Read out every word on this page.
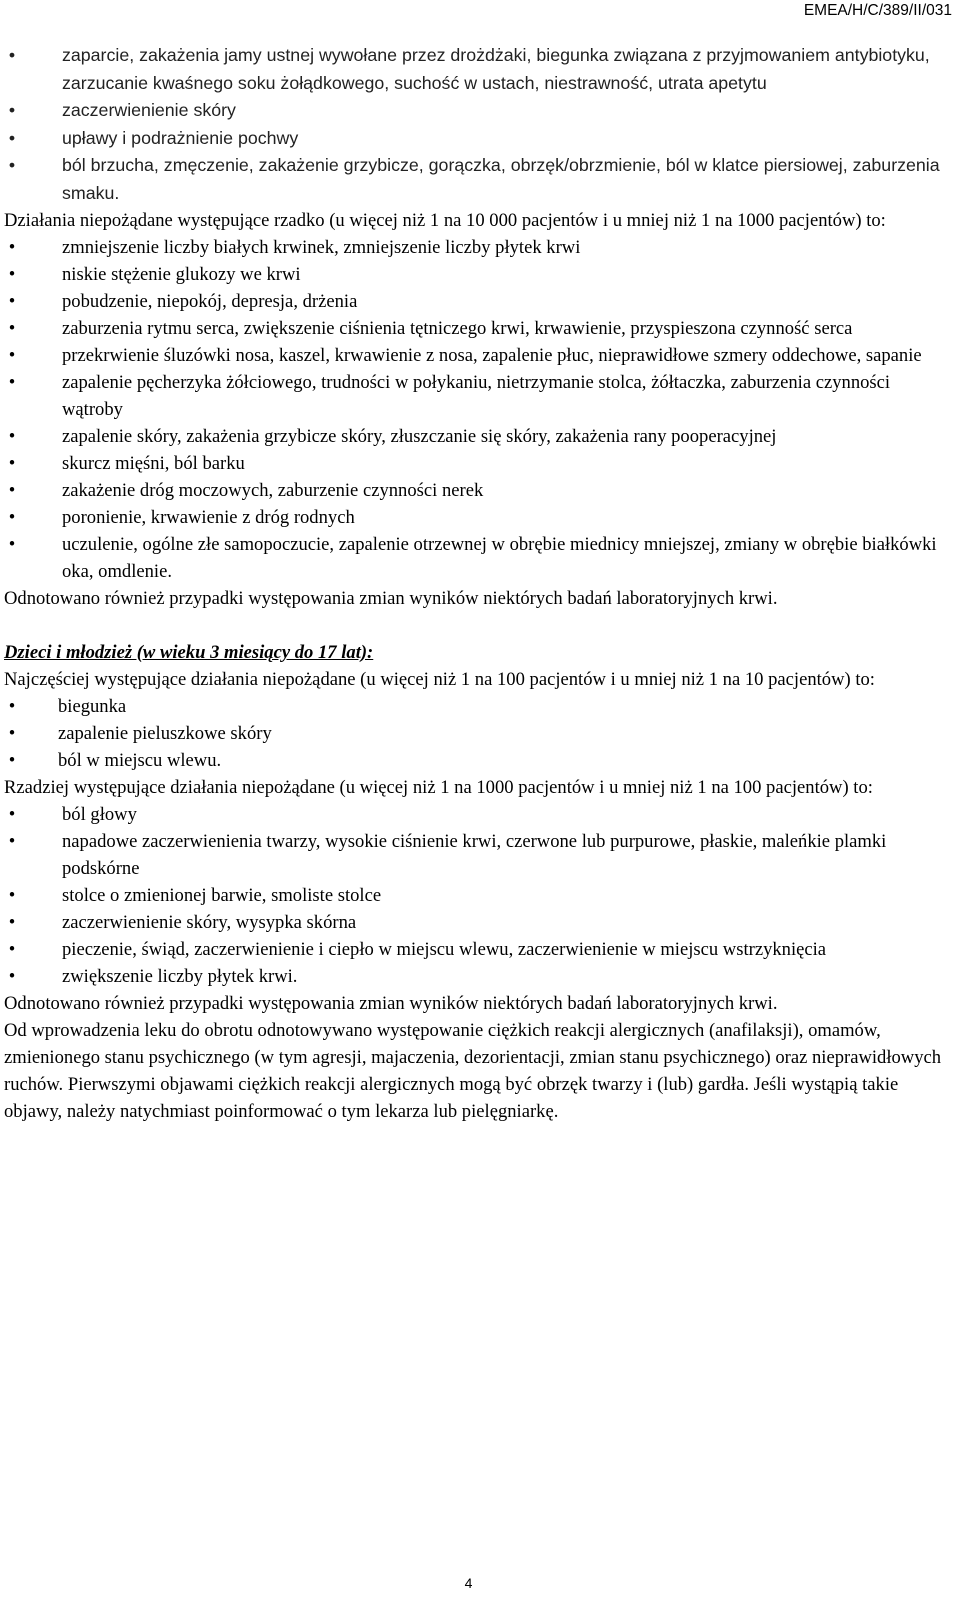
EMEA/H/C/389/II/031
•	zaparcie, zakażenia jamy ustnej wywołane przez drożdżaki, biegunka związana z przyjmowaniem antybiotyku, zarzucanie kwaśnego soku żołądkowego, suchość w ustach, niestrawność, utrata apetytu
•	zaczerwienienie skóry
•	upławy i podrażnienie pochwy
•	ból brzucha, zmęczenie, zakażenie grzybicze, gorączka, obrzęk/obrzmienie, ból w klatce piersiowej, zaburzenia smaku.

Działania niepożądane występujące rzadko (u więcej niż 1 na 10 000 pacjentów i u mniej niż 1 na 1000 pacjentów) to:

•	zmniejszenie liczby białych krwinek, zmniejszenie liczby płytek krwi
•	niskie stężenie glukozy we krwi
•	pobudzenie, niepokój, depresja, drżenia
•	zaburzenia rytmu serca, zwiększenie ciśnienia tętniczego krwi, krwawienie, przyspieszona czynność serca
•	przekrwienie śluzówki nosa, kaszel, krwawienie z nosa, zapalenie płuc, nieprawidłowe szmery oddechowe, sapanie
•	zapalenie pęcherzyka żółciowego, trudności w połykaniu, nietrzymanie stolca, żółtaczka, zaburzenia czynności wątroby
•	zapalenie skóry, zakażenia grzybicze skóry, złuszczanie się skóry, zakażenia rany pooperacyjnej
•	skurcz mięśni, ból barku
•	zakażenie dróg moczowych, zaburzenie czynności nerek
•	poronienie, krwawienie z dróg rodnych
•	uczulenie, ogólne złe samopoczucie, zapalenie otrzewnej w obrębie miednicy mniejszej, zmiany w obrębie białkówki oka, omdlenie.

Odnotowano również przypadki występowania zmian wyników niektórych badań laboratoryjnych krwi.

Dzieci i młodzież (w wieku 3 miesiący do 17 lat):

Najczęściej występujące działania niepożądane (u więcej niż 1 na 100 pacjentów i u mniej niż 1 na 10 pacjentów) to:

• biegunka
• zapalenie pieluszkowe skóry
• ból w miejscu wlewu.

Rzadziej występujące działania niepożądane (u więcej niż 1 na 1000 pacjentów i u mniej niż 1 na 100 pacjentów) to:

•	ból głowy
•	napadowe zaczerwienienia twarzy, wysokie ciśnienie krwi, czerwone lub purpurowe, płaskie, maleńkie plamki podskórne
•	stolce o zmienionej barwie, smoliste stolce
•	zaczerwienienie skóry, wysypka skórna
•	pieczenie, świąd, zaczerwienienie i ciepło w miejscu wlewu, zaczerwienienie w miejscu wstrzyknięcia
•	zwiększenie liczby płytek krwi.

Odnotowano również przypadki występowania zmian wyników niektórych badań laboratoryjnych krwi.

Od wprowadzenia leku do obrotu odnotowywano występowanie ciężkich reakcji alergicznych (anafilaksji), omamów, zmienionego stanu psychicznego (w tym agresji, majaczenia, dezorientacji, zmian stanu psychicznego) oraz nieprawidłowych ruchów. Pierwszymi objawami ciężkich reakcji alergicznych mogą być obrzęk twarzy i (lub) gardła. Jeśli wystąpią takie objawy, należy natychmiast poinformować o tym lekarza lub pielęgniarkę.

4
